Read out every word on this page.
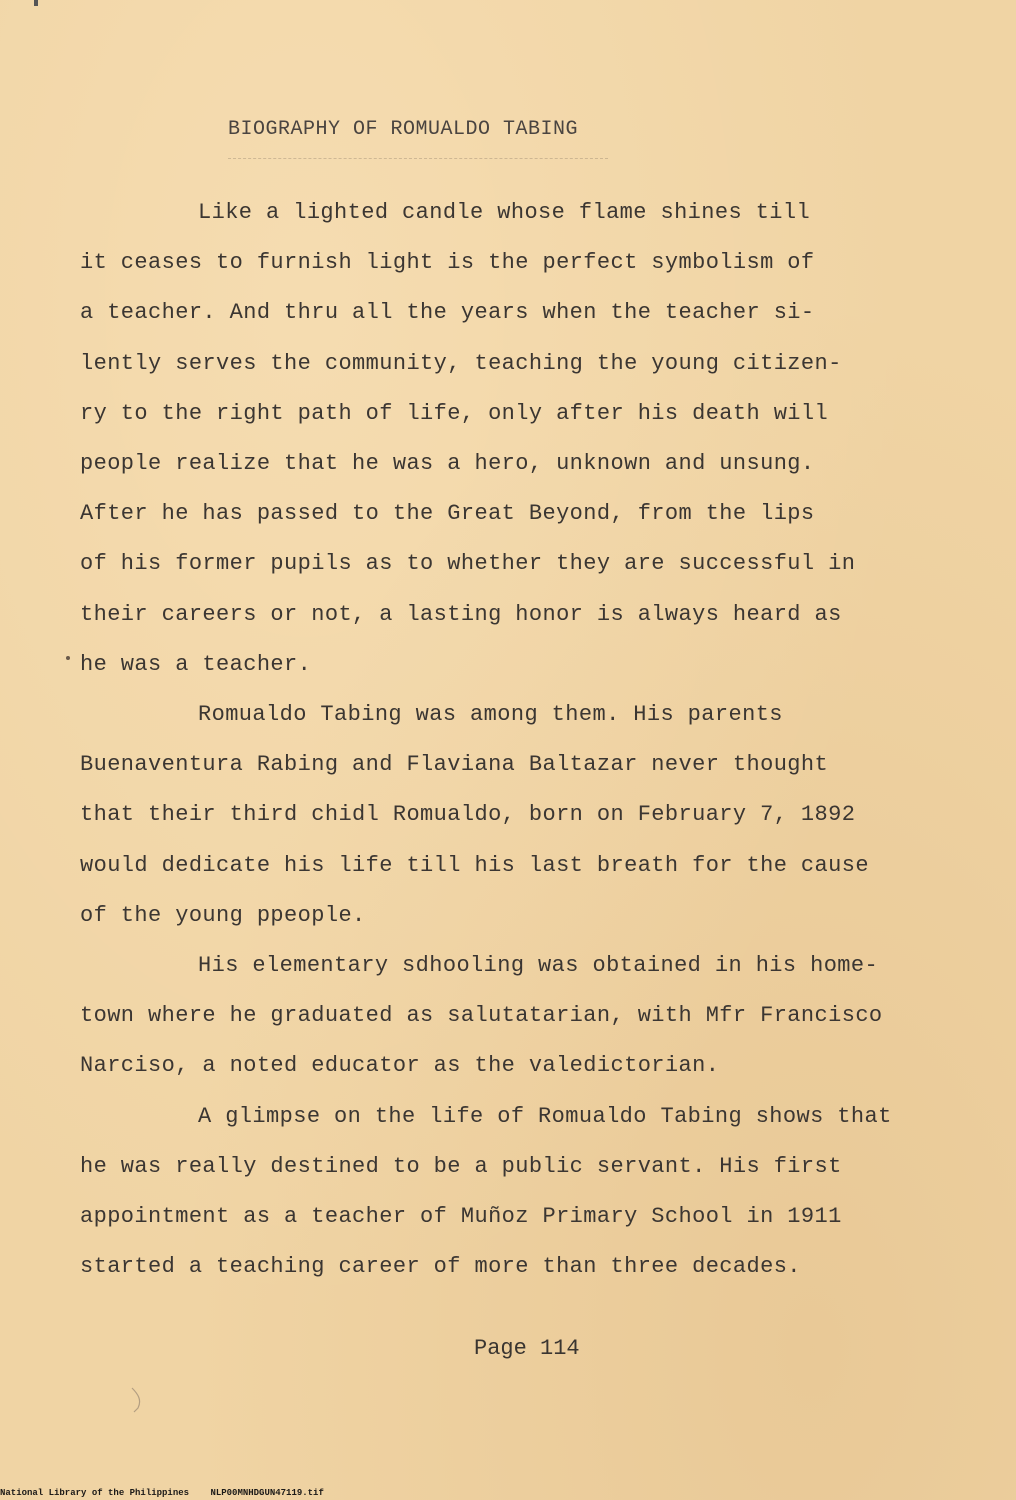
BIOGRAPHY OF ROMUALDO TABING
Like a lighted candle whose flame shines till
it ceases to furnish light is the perfect symbolism of
a teacher. And thru all the years when the teacher si-
lently serves the community, teaching the young citizen-
ry to the right path of life, only after his death will
people realize that he was a hero, unknown and unsung.
After he has passed to the Great Beyond, from the lips
of his former pupils as to whether they are successful in
their careers or not, a lasting honor is always heard as
he was a teacher.
Romualdo Tabing was among them. His parents
Buenaventura Rabing and Flaviana Baltazar never thought
that their third chidl Romualdo, born on February 7, 1892
would dedicate his life till his last breath for the cause
of the young ppeople.
His elementary sdhooling was obtained in his home-
town where he graduated as salutatarian, with Mfr Francisco
Narciso, a noted educator as the valedictorian.
A glimpse on the life of Romualdo Tabing shows that
he was really destined to be a public servant. His first
appointment as a teacher of Muñoz Primary School in 1911
started a teaching career of more than three decades.
Page 114
National Library of the Philippines NLP00MNHDGUN47119.tif
